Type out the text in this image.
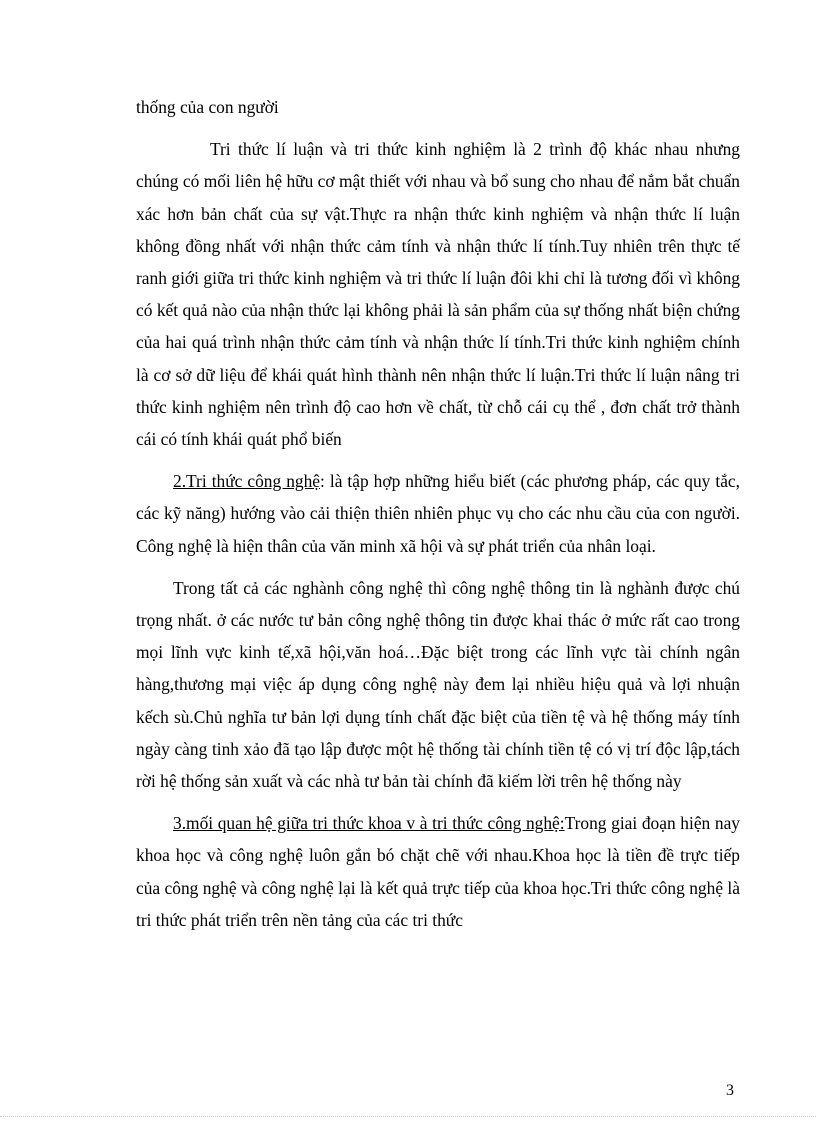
thống của con người

Tri thức lí luận và tri thức kinh nghiệm là 2 trình độ khác nhau nhưng chúng có mối liên hệ hữu cơ mật thiết với nhau và bổ sung cho nhau để nắm bắt chuẩn xác hơn bản chất của sự vật.Thực ra nhận thức kinh nghiệm và nhận thức lí luận không đồng nhất với nhận thức cảm tính và nhận thức lí tính.Tuy nhiên trên thực tế ranh giới giữa tri thức kinh nghiệm và tri thức lí luận đôi khi chỉ là tương đối vì không có kết quả nào của nhận thức lại không phải là sản phẩm của sự thống nhất biện chứng của hai quá trình nhận thức cảm tính và nhận thức lí tính.Tri thức kinh nghiệm chính là cơ sở dữ liệu để khái quát hình thành nên nhận thức lí luận.Tri thức lí luận nâng tri thức kinh nghiệm nên trình độ cao hơn về chất, từ chỗ cái cụ thể , đơn chất trở thành cái có tính khái quát phổ biến

2.Tri thức công nghệ: là tập hợp những hiểu biết (các phương pháp, các quy tắc, các kỹ năng) hướng vào cải thiện thiên nhiên phục vụ cho các nhu cầu của con người. Công nghệ là hiện thân của văn minh xã hội và sự phát triển của nhân loại.

Trong tất cả các nghành công nghệ thì công nghệ thông tin là nghành được chú trọng nhất. ở các nước tư bản công nghệ thông tin được khai thác ở mức rất cao trong mọi lĩnh vực kinh tế,xã hội,văn hoá…Đặc biệt trong các lĩnh vực tài chính ngân hàng,thương mại việc áp dụng công nghệ này đem lại nhiều hiệu quả và lợi nhuận kếch sù.Chủ nghĩa tư bản lợi dụng tính chất đặc biệt của tiền tệ và hệ thống máy tính ngày càng tinh xảo đã tạo lập được một hệ thống tài chính tiền tệ có vị trí độc lập,tách rời hệ thống sản xuất và các nhà tư bản tài chính đã kiếm lời trên hệ thống này

3.mối quan hệ giữa tri thức khoa v à tri thức công nghệ:Trong giai đoạn hiện nay khoa học và công nghệ luôn gắn bó chặt chẽ với nhau.Khoa học là tiền đề trực tiếp của công nghệ và công nghệ lại là kết quả trực tiếp của khoa học.Tri thức công nghệ là tri thức phát triển trên nền tảng của các tri thức

3
